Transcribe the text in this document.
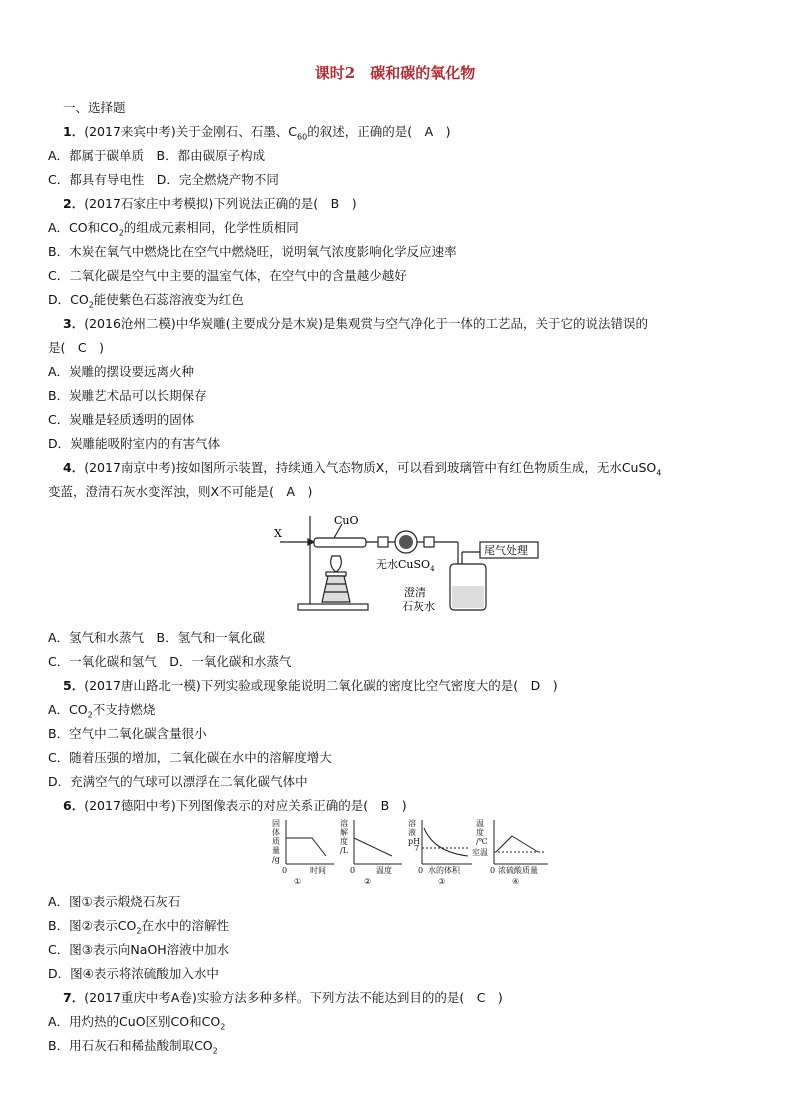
课时2　碳和碳的氧化物
一、选择题
1．(2017来宾中考)关于金刚石、石墨、$C_{60}$的叙述，正确的是(　A　)
A．都属于碳单质　B．都由碳原子构成
C．都具有导电性　D．完全燃烧产物不同
2．(2017石家庄中考模拟)下列说法正确的是(　B　)
A．CO和$CO_2$的组成元素相同，化学性质相同
B．木炭在氧气中燃烧比在空气中燃烧旺，说明氧气浓度影响化学反应速率
C．二氧化碳是空气中主要的温室气体，在空气中的含量越少越好
D．$CO_2$能使紫色石蕊溶液变为红色
3．(2016沧州二模)中华炭雕(主要成分是木炭)是集观赏与空气净化于一体的工艺品，关于它的说法错误的
是(　C　)
A．炭雕的摆设要远离火种
B．炭雕艺术品可以长期保存
C．炭雕是轻质透明的固体
D．炭雕能吸附室内的有害气体
4．(2017南京中考)按如图所示装置，持续通入气态物质X，可以看到玻璃管中有红色物质生成，无水CuSO$_4$
变蓝，澄清石灰水变浑浊，则X不可能是(　A　)
X
CuO
无水CuSO$_4$
尾气处理
澄清
石灰水
A．氢气和水蒸气　B．氢气和一氧化碳
C．一氧化碳和氢气　D．一氧化碳和水蒸气
5．(2017唐山路北一模)下列实验或现象能说明二氧化碳的密度比空气密度大的是(　D　)
A．$CO_2$不支持燃烧
B．空气中二氧化碳含量很小
C．随着压强的增加，二氧化碳在水中的溶解度增大
D．充满空气的气球可以漂浮在二氧化碳气体中
6．(2017德阳中考)下列图像表示的对应关系正确的是(　B　)
固
体
质
量
/g
0	时间
①
溶
解
度
/L
0	温度
②
溶
液
pH
7
0 水的体积
③
温
度
/℃
室温
0 浓硫酸质量
④
A．图①表示煅烧石灰石
B．图②表示$CO_2$在水中的溶解性
C．图③表示向NaOH溶液中加水
D．图④表示将浓硫酸加入水中
7．(2017重庆中考A卷)实验方法多种多样。下列方法不能达到目的的是(　C　)
A．用灼热的CuO区别CO和$CO_2$
B．用石灰石和稀盐酸制取$CO_2$
